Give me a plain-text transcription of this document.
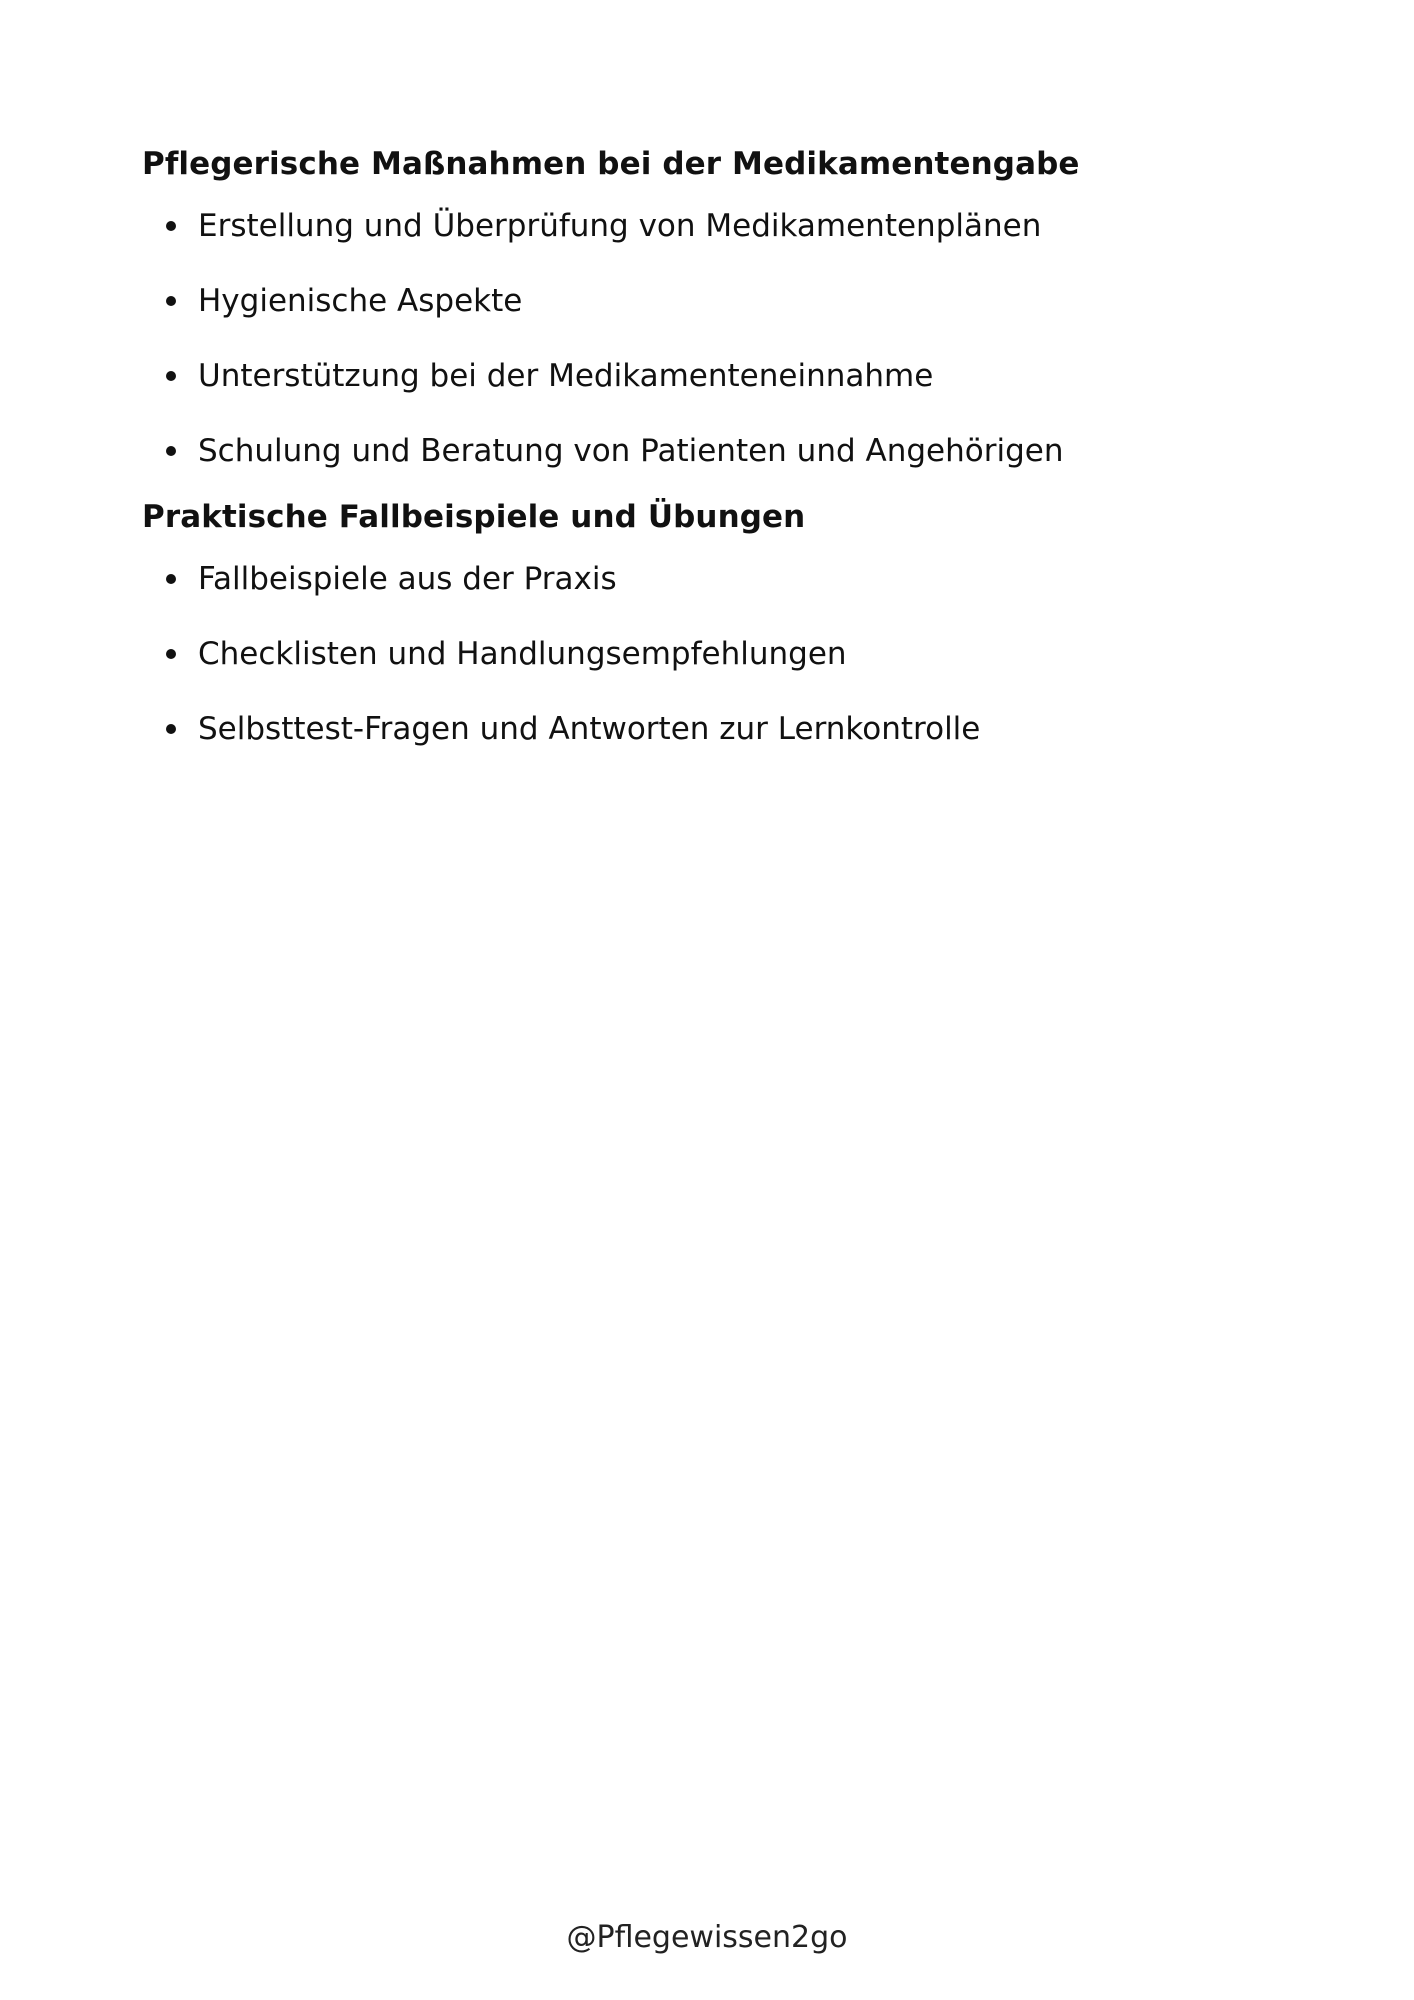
Pflegerische Maßnahmen bei der Medikamentengabe
Erstellung und Überprüfung von Medikamentenplänen
Hygienische Aspekte
Unterstützung bei der Medikamenteneinnahme
Schulung und Beratung von Patienten und Angehörigen
Praktische Fallbeispiele und Übungen
Fallbeispiele aus der Praxis
Checklisten und Handlungsempfehlungen
Selbsttest-Fragen und Antworten zur Lernkontrolle
@Pflegewissen2go
